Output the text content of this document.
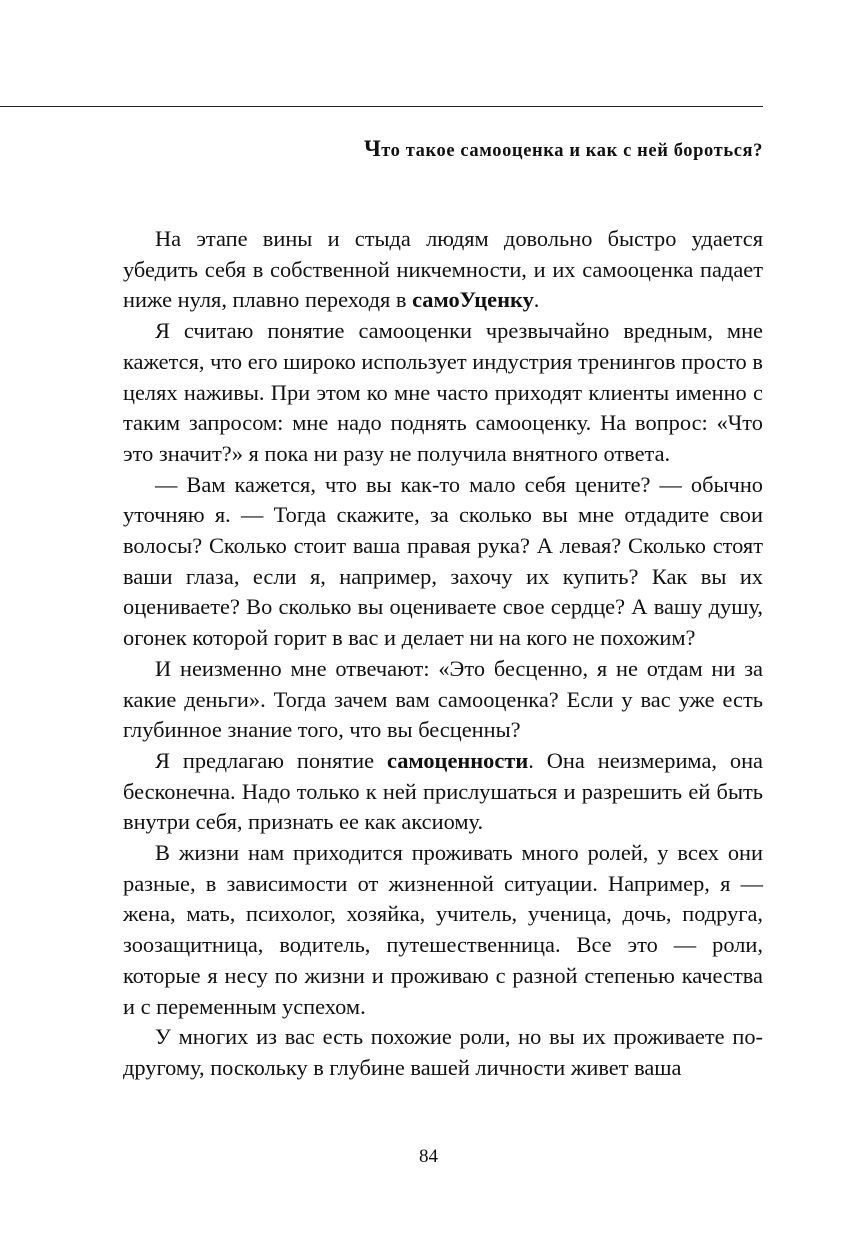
Что такое самооценка и как с ней бороться?

На этапе вины и стыда людям довольно быстро удается убедить себя в собственной никчемности, и их самооценка падает ниже нуля, плавно переходя в самоУценку.

Я считаю понятие самооценки чрезвычайно вредным, мне кажется, что его широко использует индустрия тренингов просто в целях наживы. При этом ко мне часто приходят клиенты именно с таким запросом: мне надо поднять самооценку. На вопрос: «Что это значит?» я пока ни разу не получила внятного ответа.

— Вам кажется, что вы как-то мало себя цените? — обычно уточняю я. — Тогда скажите, за сколько вы мне отдадите свои волосы? Сколько стоит ваша правая рука? А левая? Сколько стоят ваши глаза, если я, например, захочу их купить? Как вы их оцениваете? Во сколько вы оцениваете свое сердце? А вашу душу, огонек которой горит в вас и делает ни на кого не похожим?

И неизменно мне отвечают: «Это бесценно, я не отдам ни за какие деньги». Тогда зачем вам самооценка? Если у вас уже есть глубинное знание того, что вы бесценны?

Я предлагаю понятие самоценности. Она неизмерима, она бесконечна. Надо только к ней прислушаться и разрешить ей быть внутри себя, признать ее как аксиому.

В жизни нам приходится проживать много ролей, у всех они разные, в зависимости от жизненной ситуации. Например, я — жена, мать, психолог, хозяйка, учитель, ученица, дочь, подруга, зоозащитница, водитель, путешественница. Все это — роли, которые я несу по жизни и проживаю с разной степенью качества и с переменным успехом.

У многих из вас есть похожие роли, но вы их проживаете по-другому, поскольку в глубине вашей личности живет ваша

84
